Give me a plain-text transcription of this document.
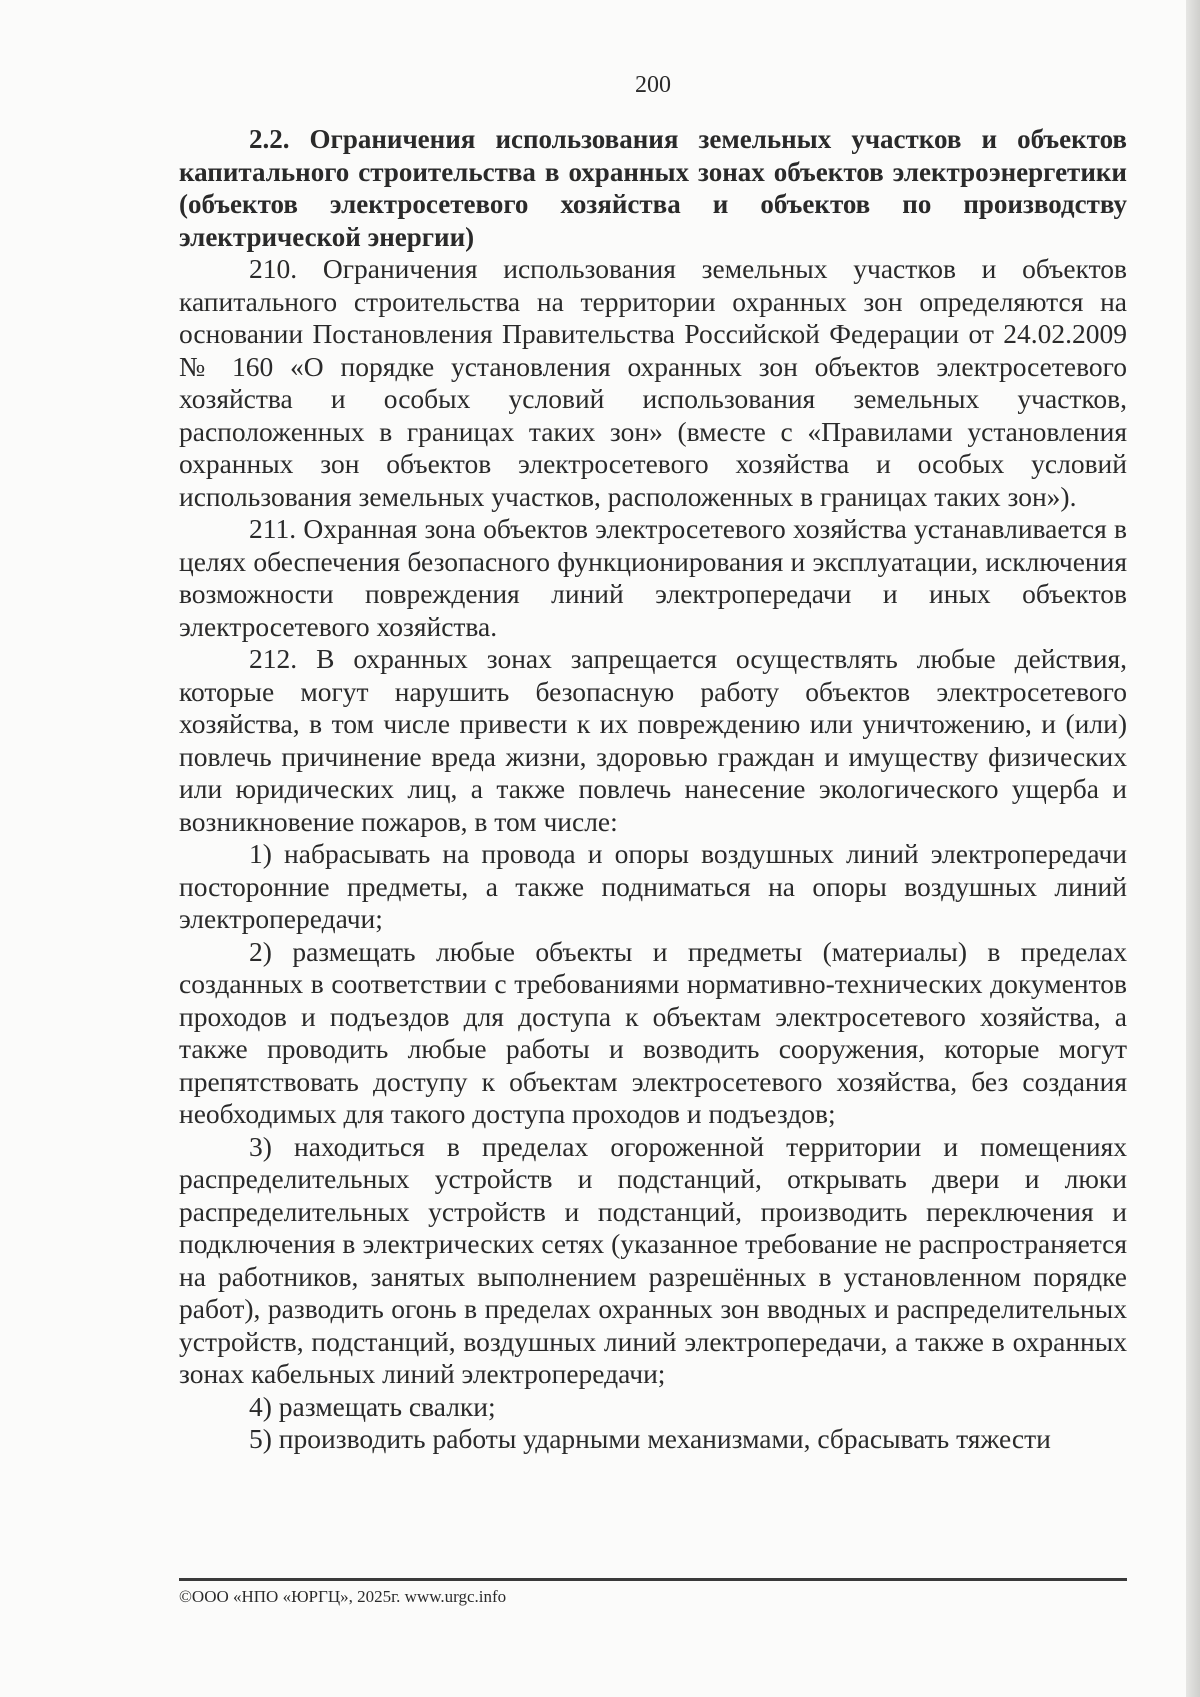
200

2.2. Ограничения использования земельных участков и объектов капитального строительства в охранных зонах объектов электроэнергетики (объектов электросетевого хозяйства и объектов по производству электрической энергии)

210. Ограничения использования земельных участков и объектов капитального строительства на территории охранных зон определяются на основании Постановления Правительства Российской Федерации от 24.02.2009 № 160 «О порядке установления охранных зон объектов электросетевого хозяйства и особых условий использования земельных участков, расположенных в границах таких зон» (вместе с «Правилами установления охранных зон объектов электросетевого хозяйства и особых условий использования земельных участков, расположенных в границах таких зон»).

211. Охранная зона объектов электросетевого хозяйства устанавливается в целях обеспечения безопасного функционирования и эксплуатации, исключения возможности повреждения линий электропередачи и иных объектов электросетевого хозяйства.

212. В охранных зонах запрещается осуществлять любые действия, которые могут нарушить безопасную работу объектов электросетевого хозяйства, в том числе привести к их повреждению или уничтожению, и (или) повлечь причинение вреда жизни, здоровью граждан и имуществу физических или юридических лиц, а также повлечь нанесение экологического ущерба и возникновение пожаров, в том числе:

1) набрасывать на провода и опоры воздушных линий электропередачи посторонние предметы, а также подниматься на опоры воздушных линий электропередачи;

2) размещать любые объекты и предметы (материалы) в пределах созданных в соответствии с требованиями нормативно-технических документов проходов и подъездов для доступа к объектам электросетевого хозяйства, а также проводить любые работы и возводить сооружения, которые могут препятствовать доступу к объектам электросетевого хозяйства, без создания необходимых для такого доступа проходов и подъездов;

3) находиться в пределах огороженной территории и помещениях распределительных устройств и подстанций, открывать двери и люки распределительных устройств и подстанций, производить переключения и подключения в электрических сетях (указанное требование не распространяется на работников, занятых выполнением разрешённых в установленном порядке работ), разводить огонь в пределах охранных зон вводных и распределительных устройств, подстанций, воздушных линий электропередачи, а также в охранных зонах кабельных линий электропередачи;

4) размещать свалки;

5) производить работы ударными механизмами, сбрасывать тяжести

©ООО «НПО «ЮРГЦ», 2025г. www.urgc.info
